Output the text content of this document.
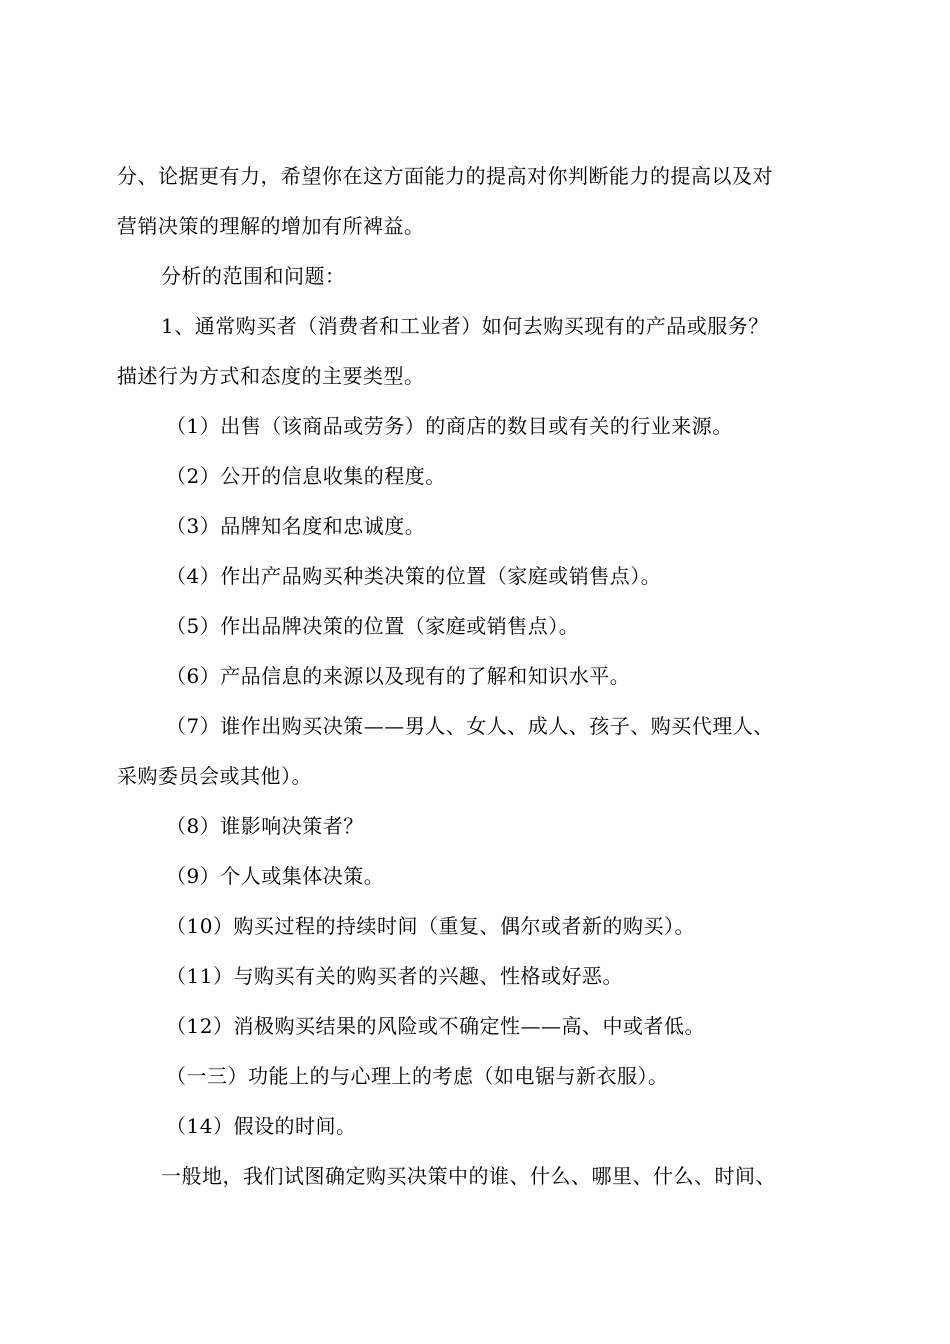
分、论据更有力，希望你在这方面能力的提高对你判断能力的提高以及对
营销决策的理解的增加有所裨益。
分析的范围和问题：
1、通常购买者（消费者和工业者）如何去购买现有的产品或服务？
描述行为方式和态度的主要类型。
（1）出售（该商品或劳务）的商店的数目或有关的行业来源。
（2）公开的信息收集的程度。
（3）品牌知名度和忠诚度。
（4）作出产品购买种类决策的位置（家庭或销售点）。
（5）作出品牌决策的位置（家庭或销售点）。
（6）产品信息的来源以及现有的了解和知识水平。
（7）谁作出购买决策——男人、女人、成人、孩子、购买代理人、
采购委员会或其他）。
（8）谁影响决策者？
（9）个人或集体决策。
（10）购买过程的持续时间（重复、偶尔或者新的购买）。
（11）与购买有关的购买者的兴趣、性格或好恶。
（12）消极购买结果的风险或不确定性——高、中或者低。
（一三）功能上的与心理上的考虑（如电锯与新衣服）。
（14）假设的时间。
一般地，我们试图确定购买决策中的谁、什么、哪里、什么、时间、
